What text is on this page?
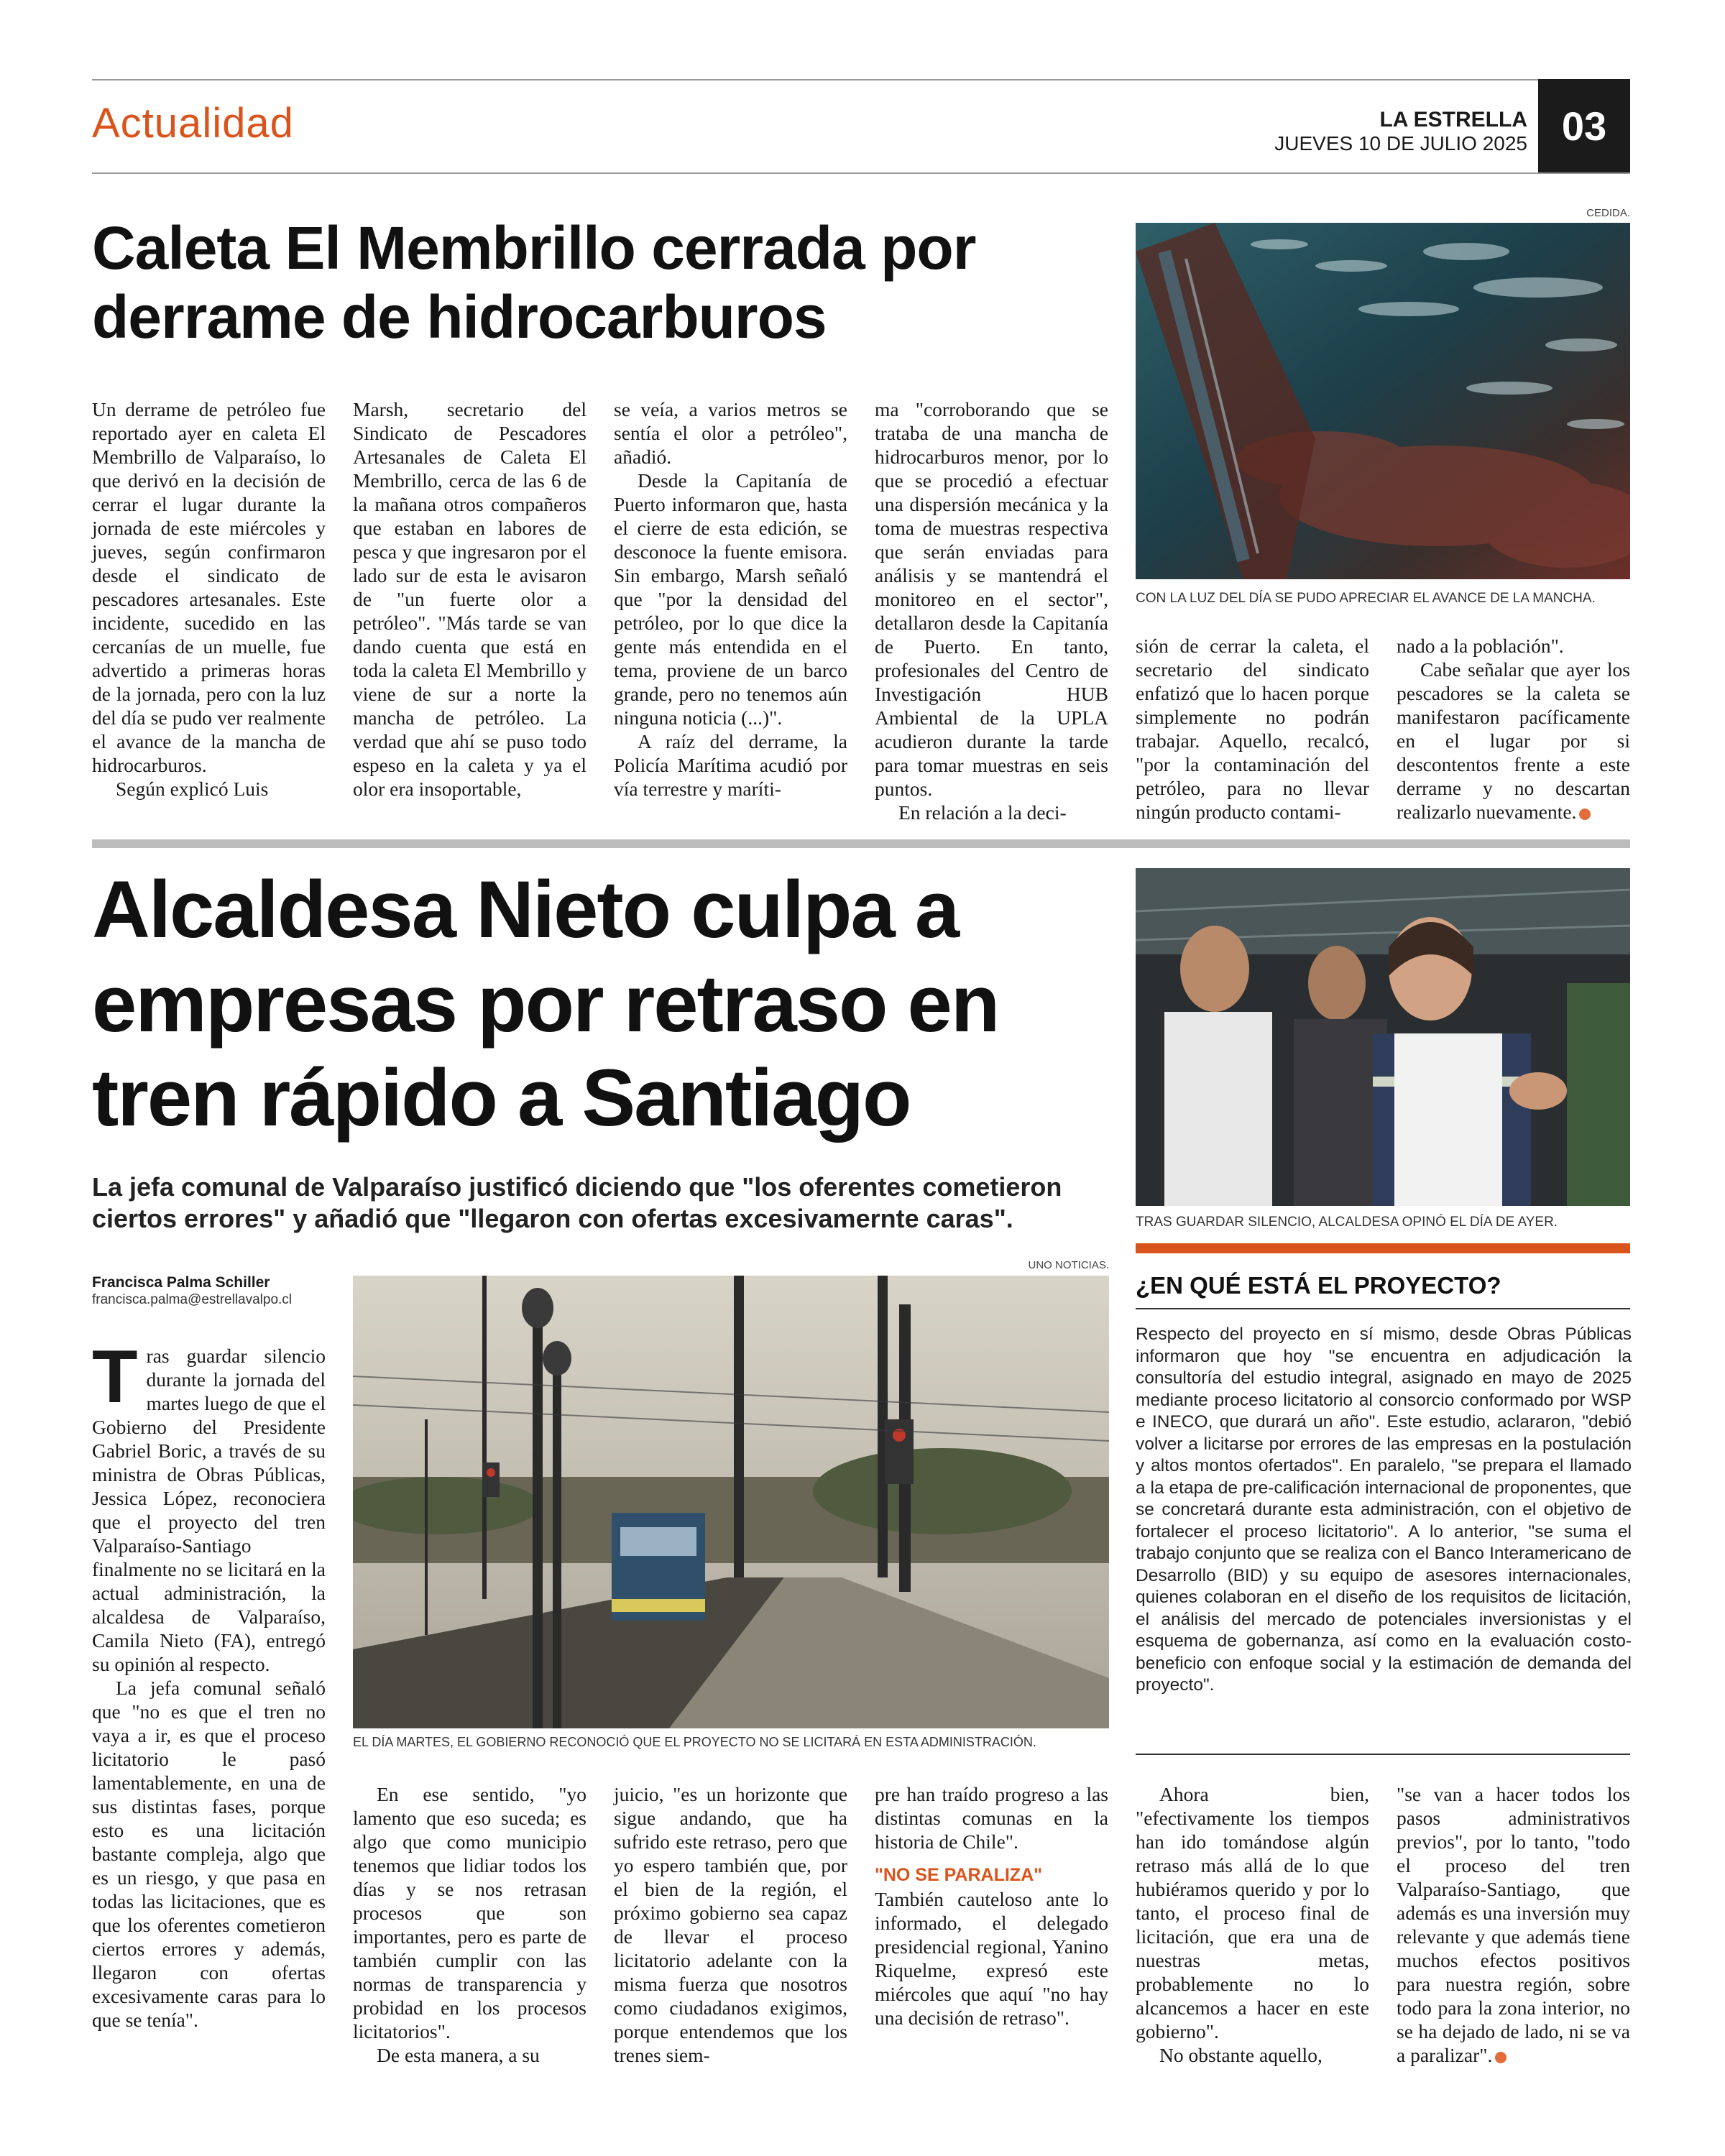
Actualidad	LA ESTRELLA
JUEVES 10 DE JULIO 2025 03
Caleta El Membrillo cerrada por derrame de hidrocarburos
CEDIDA.
CON LA LUZ DEL DÍA SE PUDO APRECIAR EL AVANCE DE LA MANCHA.

Un derrame de petróleo fue reportado ayer en caleta El Membrillo de Valparaíso, lo que derivó en la decisión de cerrar el lugar durante la jornada de este miércoles y jueves, según confirmaron desde el sindicato de pescadores artesanales. Este incidente, sucedido en las cercanías de un muelle, fue advertido a primeras horas de la jornada, pero con la luz del día se pudo ver realmente el avance de la mancha de hidrocarburos.

Según explicó Luis

Marsh, secretario del Sindicato de Pescadores Artesanales de Caleta El Membrillo, cerca de las 6 de la mañana otros compañeros que estaban en labores de pesca y que ingresaron por el lado sur de esta le avisaron de "un fuerte olor a petróleo". "Más tarde se van dando cuenta que está en toda la caleta El Membrillo y viene de sur a norte la mancha de petróleo. La verdad que ahí se puso todo espeso en la caleta y ya el olor era insoportable,

se veía, a varios metros se sentía el olor a petróleo", añadió.

Desde la Capitanía de Puerto informaron que, hasta el cierre de esta edición, se desconoce la fuente emisora. Sin embargo, Marsh señaló que "por la densidad del petróleo, por lo que dice la gente más entendida en el tema, proviene de un barco grande, pero no tenemos aún ninguna noticia (...)".

A raíz del derrame, la Policía Marítima acudió por vía terrestre y maríti-

ma "corroborando que se trataba de una mancha de hidrocarburos menor, por lo que se procedió a efectuar una dispersión mecánica y la toma de muestras respectiva que serán enviadas para análisis y se mantendrá el monitoreo en el sector", detallaron desde la Capitanía de Puerto. En tanto, profesionales del Centro de Investigación HUB Ambiental de la UPLA acudieron durante la tarde para tomar muestras en seis puntos.

En relación a la deci-

sión de cerrar la caleta, el secretario del sindicato enfatizó que lo hacen porque simplemente no podrán trabajar. Aquello, recalcó, "por la contaminación del petróleo, para no llevar ningún producto contami-

nado a la población".

Cabe señalar que ayer los pescadores se la caleta se manifestaron pacíficamente en el lugar por si descontentos frente a este derrame y no descartan realizarlo nuevamente.

Alcaldesa Nieto culpa a empresas por retraso en tren rápido a Santiago
TRAS GUARDAR SILENCIO, ALCALDESA OPINÓ EL DÍA DE AYER.
La jefa comunal de Valparaíso justificó diciendo que "los oferentes cometieron ciertos errores" y añadió que "llegaron con ofertas excesivamernte caras".
Francisca Palma Schiller
francisca.palma@estrellavalpo.cl
UNO NOTICIAS.
EL DÍA MARTES, EL GOBIERNO RECONOCIÓ QUE EL PROYECTO NO SE LICITARÁ EN ESTA ADMINISTRACIÓN.

Tras guardar silencio durante la jornada del martes luego de que el Gobierno del Presidente Gabriel Boric, a través de su ministra de Obras Públicas, Jessica López, reconociera que el proyecto del tren Valparaíso-Santiago finalmente no se licitará en la actual administración, la alcaldesa de Valparaíso, Camila Nieto (FA), entregó su opinión al respecto.

La jefa comunal señaló que "no es que el tren no vaya a ir, es que el proceso licitatorio le pasó lamentablemente, en una de sus distintas fases, porque esto es una licitación bastante compleja, algo que es un riesgo, y que pasa en todas las licitaciones, que es que los oferentes cometieron ciertos errores y además, llegaron con ofertas excesivamente caras para lo que se tenía".

En ese sentido, "yo lamento que eso suceda; es algo que como municipio tenemos que lidiar todos los días y se nos retrasan procesos que son importantes, pero es parte de también cumplir con las normas de transparencia y probidad en los procesos licitatorios".

De esta manera, a su

juicio, "es un horizonte que sigue andando, que ha sufrido este retraso, pero que yo espero también que, por el bien de la región, el próximo gobierno sea capaz de llevar el proceso licitatorio adelante con la misma fuerza que nosotros como ciudadanos exigimos, porque entendemos que los trenes siem-

pre han traído progreso a las distintas comunas en la historia de Chile".

"NO SE PARALIZA"

También cauteloso ante lo informado, el delegado presidencial regional, Yanino Riquelme, expresó este miércoles que aquí "no hay una decisión de retraso".

Ahora bien, "efectivamente los tiempos han ido tomándose algún retraso más allá de lo que hubiéramos querido y por lo tanto, el proceso final de licitación, que era una de nuestras metas, probablemente no lo alcancemos a hacer en este gobierno".

No obstante aquello,

"se van a hacer todos los pasos administrativos previos", por lo tanto, "todo el proceso del tren Valparaíso-Santiago, que además es una inversión muy relevante y que además tiene muchos efectos positivos para nuestra región, sobre todo para la zona interior, no se ha dejado de lado, ni se va a paralizar".

¿EN QUÉ ESTÁ EL PROYECTO?
Respecto del proyecto en sí mismo, desde Obras Públicas informaron que hoy "se encuentra en adjudicación la consultoría del estudio integral, asignado en mayo de 2025 mediante proceso licitatorio al consorcio conformado por WSP e INECO, que durará un año". Este estudio, aclararon, "debió volver a licitarse por errores de las empresas en la postulación y altos montos ofertados". En paralelo, "se prepara el llamado a la etapa de pre-calificación internacional de proponentes, que se concretará durante esta administración, con el objetivo de fortalecer el proceso licitatorio". A lo anterior, "se suma el trabajo conjunto que se realiza con el Banco Interamericano de Desarrollo (BID) y su equipo de asesores internacionales, quienes colaboran en el diseño de los requisitos de licitación, el análisis del mercado de potenciales inversionistas y el esquema de gobernanza, así como en la evaluación costo-beneficio con enfoque social y la estimación de demanda del proyecto".
